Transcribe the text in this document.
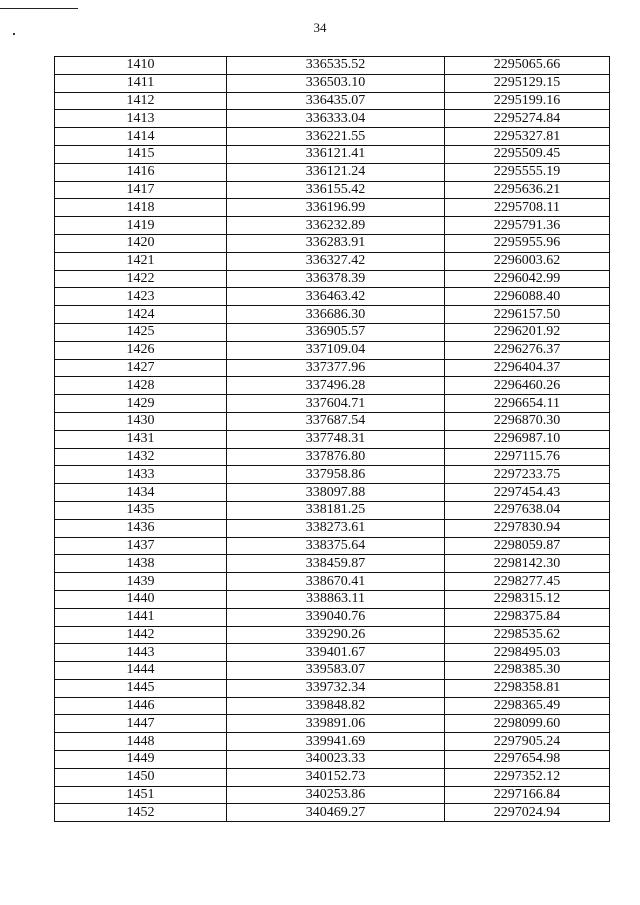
34
1410	336535.52	2295065.66
1411	336503.10	2295129.15
1412	336435.07	2295199.16
1413	336333.04	2295274.84
1414	336221.55	2295327.81
1415	336121.41	2295509.45
1416	336121.24	2295555.19
1417	336155.42	2295636.21
1418	336196.99	2295708.11
1419	336232.89	2295791.36
1420	336283.91	2295955.96
1421	336327.42	2296003.62
1422	336378.39	2296042.99
1423	336463.42	2296088.40
1424	336686.30	2296157.50
1425	336905.57	2296201.92
1426	337109.04	2296276.37
1427	337377.96	2296404.37
1428	337496.28	2296460.26
1429	337604.71	2296654.11
1430	337687.54	2296870.30
1431	337748.31	2296987.10
1432	337876.80	2297115.76
1433	337958.86	2297233.75
1434	338097.88	2297454.43
1435	338181.25	2297638.04
1436	338273.61	2297830.94
1437	338375.64	2298059.87
1438	338459.87	2298142.30
1439	338670.41	2298277.45
1440	338863.11	2298315.12
1441	339040.76	2298375.84
1442	339290.26	2298535.62
1443	339401.67	2298495.03
1444	339583.07	2298385.30
1445	339732.34	2298358.81
1446	339848.82	2298365.49
1447	339891.06	2298099.60
1448	339941.69	2297905.24
1449	340023.33	2297654.98
1450	340152.73	2297352.12
1451	340253.86	2297166.84
1452	340469.27	2297024.94
